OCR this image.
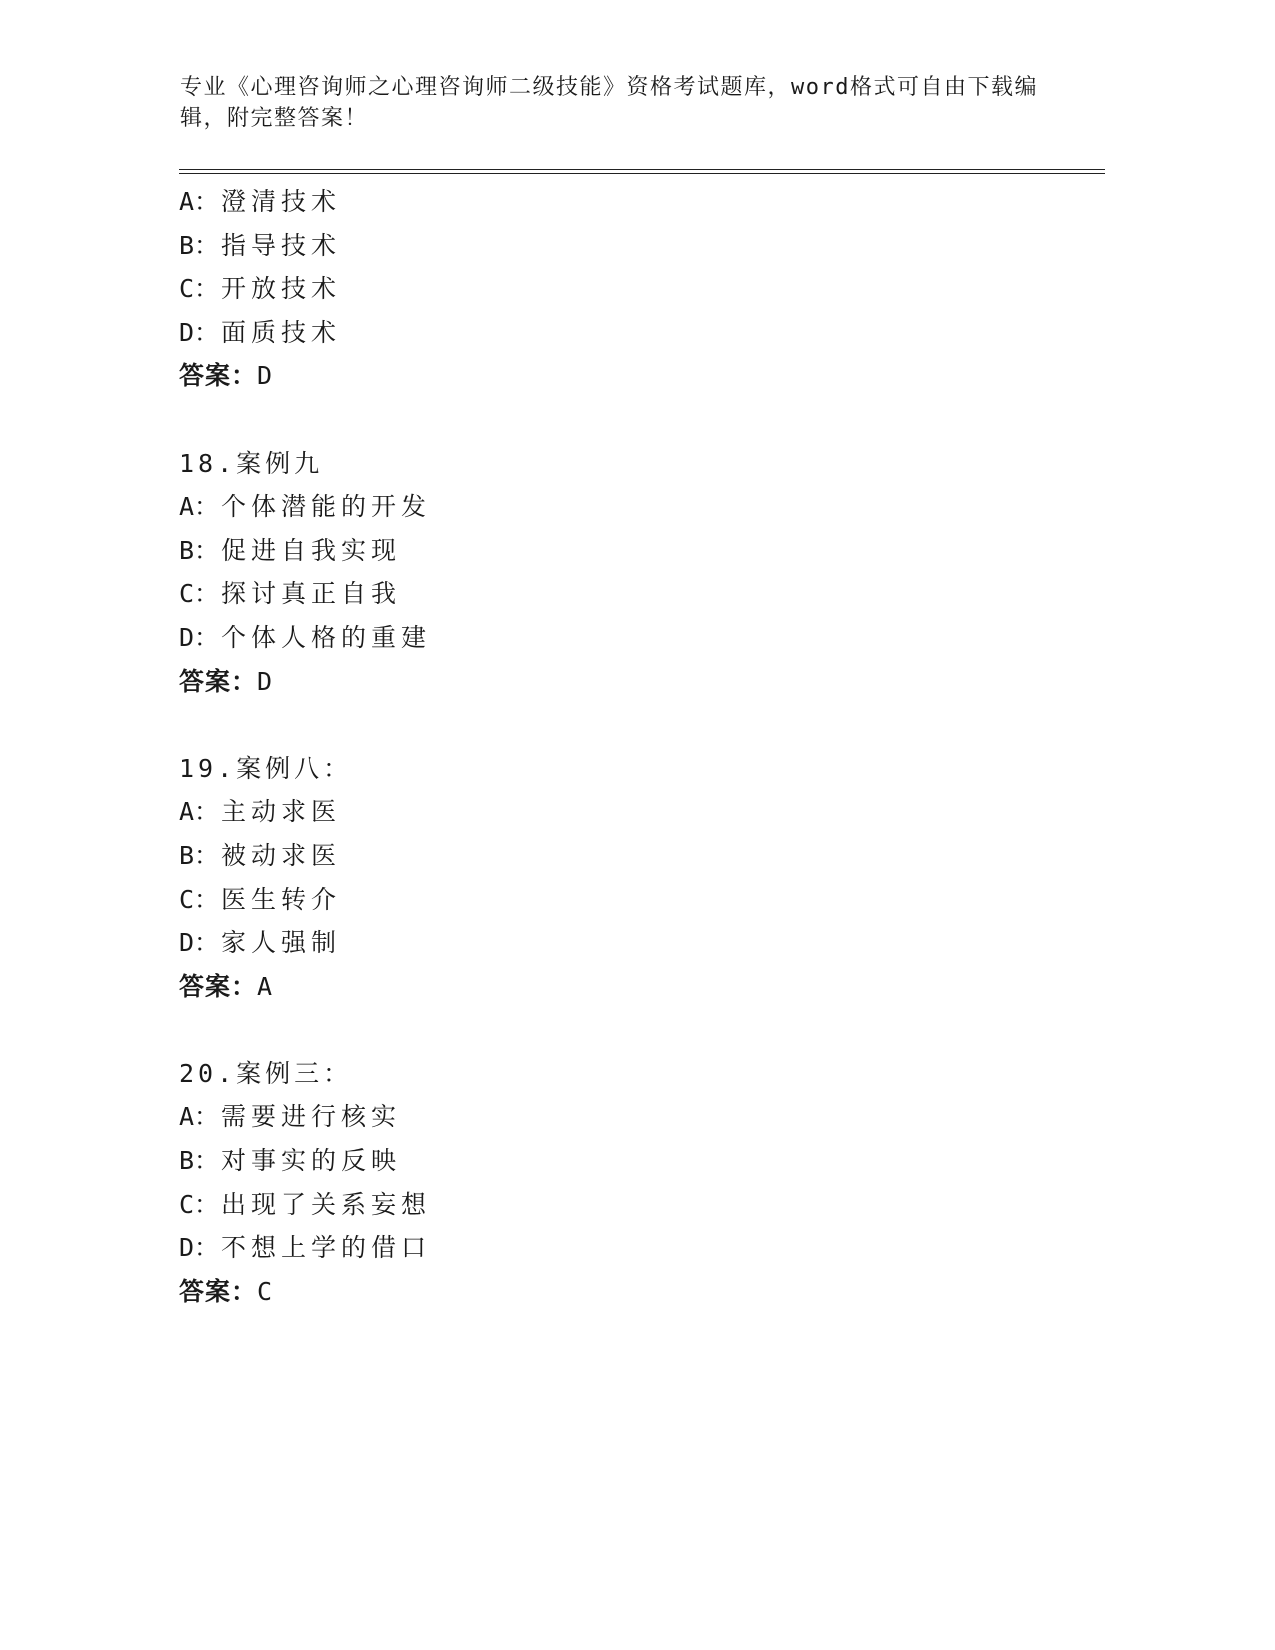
专业《心理咨询师之心理咨询师二级技能》资格考试题库，word格式可自由下载编辑，附完整答案！
A：澄清技术
B：指导技术
C：开放技术
D：面质技术
答案：D
18.案例九
A：个体潜能的开发
B：促进自我实现
C：探讨真正自我
D：个体人格的重建
答案：D
19.案例八：
A：主动求医
B：被动求医
C：医生转介
D：家人强制
答案：A
20.案例三：
A：需要进行核实
B：对事实的反映
C：出现了关系妄想
D：不想上学的借口
答案：C
